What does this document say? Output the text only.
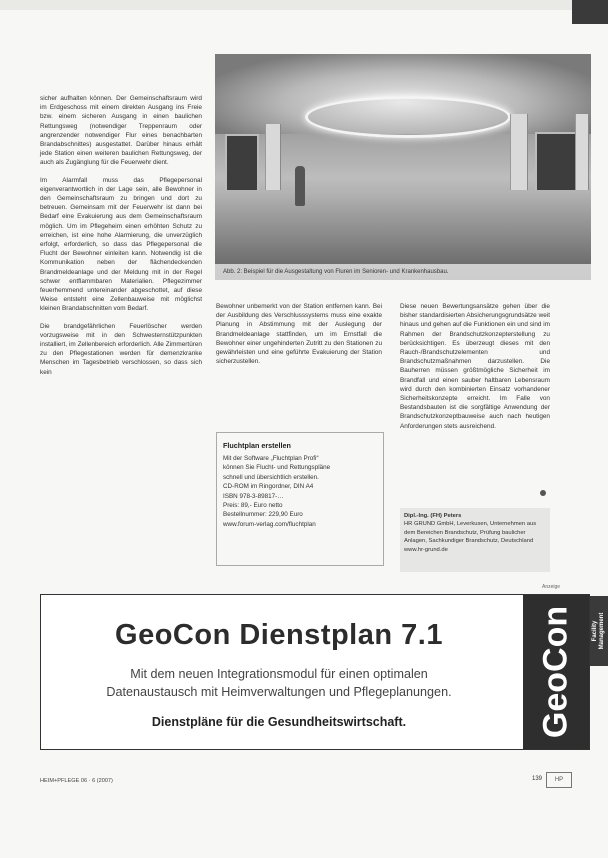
sicher aufhalten können. Der Gemeinschaftsraum wird im Erdgeschoss mit einem direkten Ausgang ins Freie bzw. einem sicheren Ausgang in einen baulichen Rettungsweg (notwendiger Treppenraum oder angrenzender notwendiger Flur eines benachbarten Brandabschnittes) ausgestattet. Darüber hinaus erhält jede Station einen weiteren baulichen Rettungsweg, der auch als Zugänglung für die Feuerwehr dient.

Im Alarmfall muss das Pflegepersonal eigenverantwortlich in der Lage sein, alle Bewohner in den Gemeinschaftsraum zu bringen und dort zu betreuen. Gemeinsam mit der Feuerwehr ist dann bei Bedarf eine Evakuierung aus dem Gemeinschaftsraum möglich. Um im Pflegeheim einen erhöhten Schutz zu erreichen, ist eine hohe Alarmierung, die unverzüglich erfolgt, erforderlich, so dass das Pflegepersonal die Flucht der Bewohner einleiten kann. Notwendig ist die Kommunikation neben der flächendeckenden Brandmeldeanlage und der Meldung mit in der Regel schwer entflammbaren Materialien. Pflegezimmer feuerhemmend untereinander abgeschottet, auf diese Weise entsteht eine Zellenbauweise mit möglichst kleinen Brandabschnitten vom Bedarf.

Die brandgefährlichen Feuerlöscher werden vorzugsweise mit in den Schwesternstützpunkten installiert, im Zellenbereich erforderlich. Alle Zimmertüren zu den Pflegestationen werden für demenzkranke Menschen im Tagesbetrieb verschlossen, so dass sich kein

Abb. 2: Beispiel für die Ausgestaltung von Fluren im Senioren- und Krankenhausbau.

Bewohner unbemerkt von der Station entfernen kann. Bei der Ausbildung des Verschlusssystems muss eine exakte Planung in Abstimmung mit der Auslegung der Brandmeldeanlage stattfinden, um im Ernstfall die Bewohner einer ungehinderten Zutritt zu den Stationen zu gewährleisten und eine geführte Evakuierung der Station sicherzustellen.

Fluchtplan erstellen
Mit der Software „Fluchtplan Profi“
können Sie Flucht- und Rettungspläne
schnell und übersichtlich erstellen.
CD-ROM im Ringordner, DIN A4
ISBN 978-3-89817-…
Preis: 89,- Euro netto
Bestellnummer: 229,90 Euro
www.forum-verlag.com/fluchtplan

Diese neuen Bewertungsansätze gehen über die bisher standardisierten Absicherungsgrundsätze weit hinaus und gehen auf die Funktionen ein und sind im Rahmen der Brandschutzkonzepterstellung zu berücksichtigen. Es überzeugt dieses mit den Rauch-/Brandschutzelementen und Brandschutzmaßnahmen darzustellen. Die Bauherren müssen größtmögliche Sicherheit im Brandfall und einen sauber haltbaren Lebensraum wird durch den kombinierten Einsatz vorhandener Sicherheitskonzepte erreicht. Im Falle von Bestandsbauten ist die sorgfältige Anwendung der Brandschutzkonzeptbauweise auch nach heutigen Anforderungen stets ausreichend.

Dipl.-Ing. (FH) Peters
HR GRUND GmbH, Leverkusen, Unternehmen aus
dem Bereichen Brandschutz, Prüfung baulicher
Anlagen, Sachkundiger Brandschutz, Deutschland
www.hr-grund.de
Anzeige
GeoCon Dienstplan 7.1
Mit dem neuen Integrationsmodul für einen optimalen
Datenaustausch mit Heimverwaltungen und Pflegeplanungen.
Dienstpläne für die Gesundheitswirtschaft.	GeoCon	Facility Management
HEIM+PFLEGE 06 · 6 (2007)	139	HP
